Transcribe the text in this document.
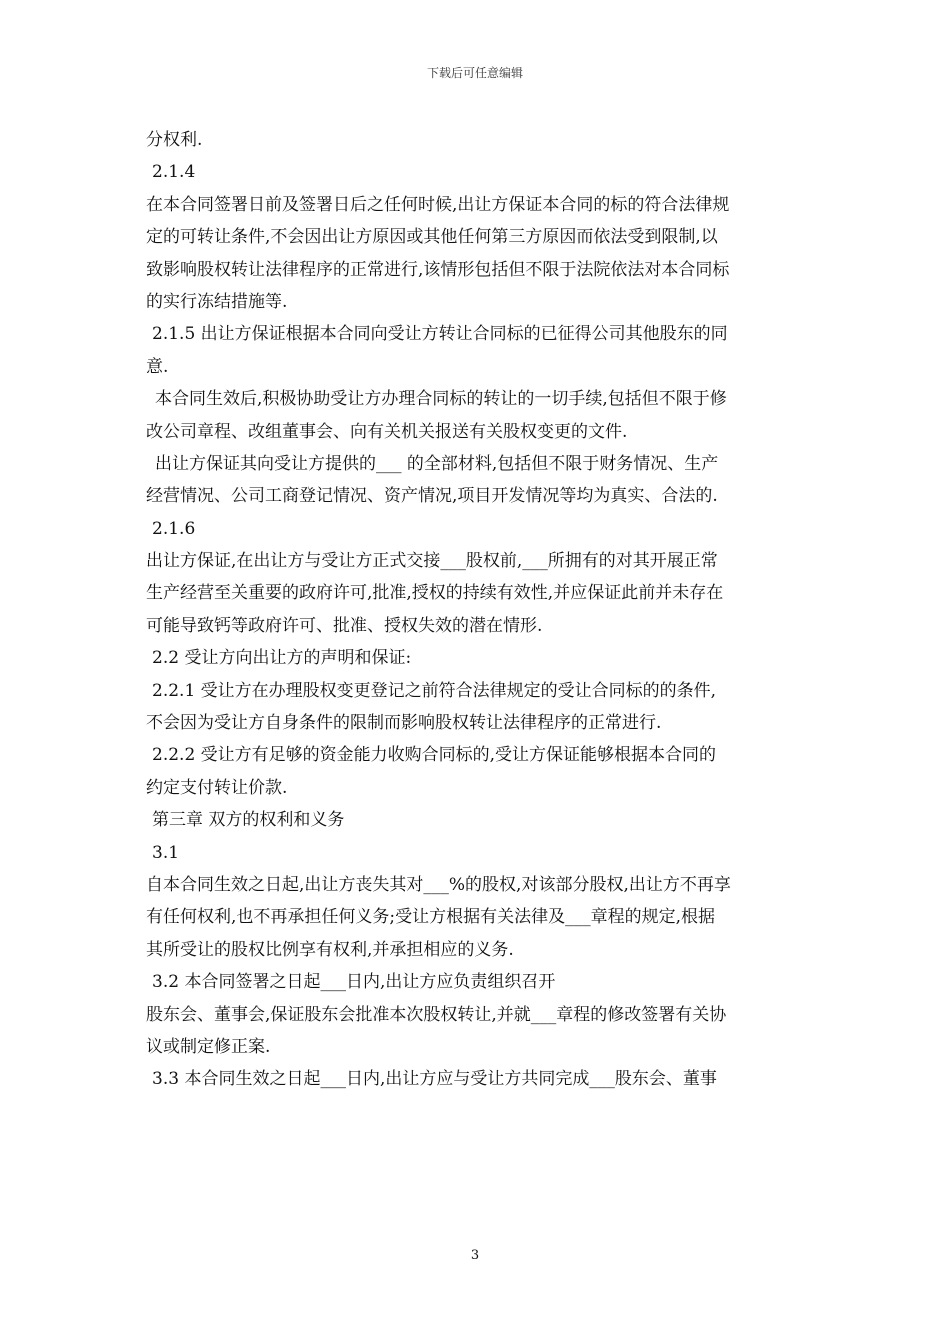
下载后可任意编辑
分权利.
2.1.4
在本合同签署日前及签署日后之任何时候,出让方保证本合同的标的符合法律规
定的可转让条件,不会因出让方原因或其他任何第三方原因而依法受到限制,以
致影响股权转让法律程序的正常进行,该情形包括但不限于法院依法对本合同标
的实行冻结措施等.
2.1.5 出让方保证根据本合同向受让方转让合同标的已征得公司其他股东的同
意.
本合同生效后,积极协助受让方办理合同标的转让的一切手续,包括但不限于修
改公司章程、改组董事会、向有关机关报送有关股权变更的文件.
出让方保证其向受让方提供的___ 的全部材料,包括但不限于财务情况、生产
经营情况、公司工商登记情况、资产情况,项目开发情况等均为真实、合法的.
2.1.6
出让方保证,在出让方与受让方正式交接___股权前,___所拥有的对其开展正常
生产经营至关重要的政府许可,批准,授权的持续有效性,并应保证此前并未存在
可能导致钙等政府许可、批准、授权失效的潜在情形.
2.2 受让方向出让方的声明和保证:
2.2.1 受让方在办理股权变更登记之前符合法律规定的受让合同标的的条件,
不会因为受让方自身条件的限制而影响股权转让法律程序的正常进行.
2.2.2 受让方有足够的资金能力收购合同标的,受让方保证能够根据本合同的
约定支付转让价款.
第三章 双方的权利和义务
3.1
自本合同生效之日起,出让方丧失其对___%的股权,对该部分股权,出让方不再享
有任何权利,也不再承担任何义务;受让方根据有关法律及___章程的规定,根据
其所受让的股权比例享有权利,并承担相应的义务.
3.2 本合同签署之日起___日内,出让方应负责组织召开
股东会、董事会,保证股东会批准本次股权转让,并就___章程的修改签署有关协
议或制定修正案.
3.3 本合同生效之日起___日内,出让方应与受让方共同完成___股东会、董事
3
